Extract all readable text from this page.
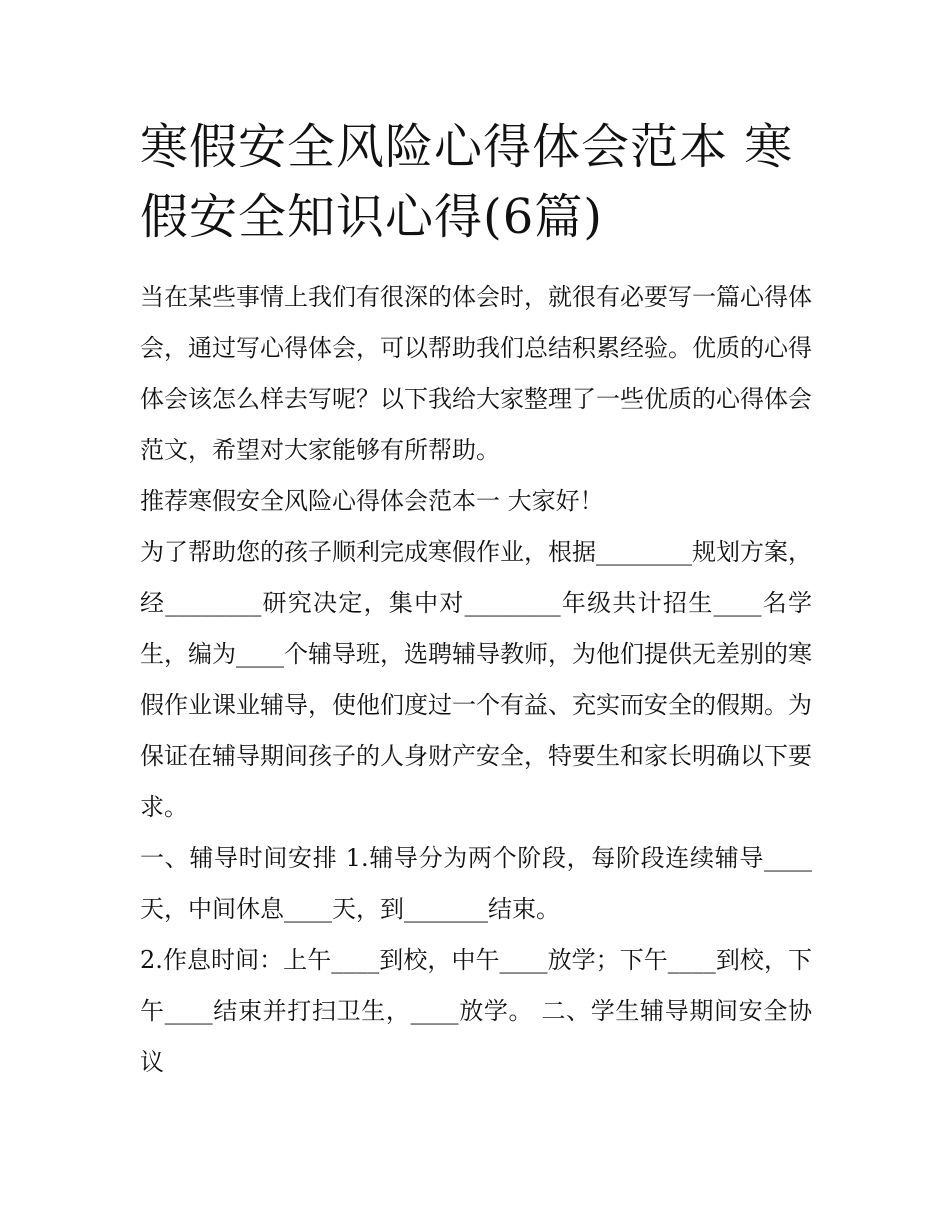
寒假安全风险心得体会范本 寒假安全知识心得(6篇)

当在某些事情上我们有很深的体会时，就很有必要写一篇心得体会，通过写心得体会，可以帮助我们总结积累经验。优质的心得体会该怎么样去写呢？以下我给大家整理了一些优质的心得体会范文，希望对大家能够有所帮助。

推荐寒假安全风险心得体会范本一 大家好！

为了帮助您的孩子顺利完成寒假作业，根据________规划方案，经________研究决定，集中对________年级共计招生____名学生，编为____个辅导班，选聘辅导教师，为他们提供无差别的寒假作业课业辅导，使他们度过一个有益、充实而安全的假期。为保证在辅导期间孩子的人身财产安全，特要生和家长明确以下要求。

一、辅导时间安排 1.辅导分为两个阶段，每阶段连续辅导____天，中间休息____天，到_______结束。

2.作息时间：上午____到校，中午____放学；下午____到校，下午____结束并打扫卫生，____放学。 二、学生辅导期间安全协议
